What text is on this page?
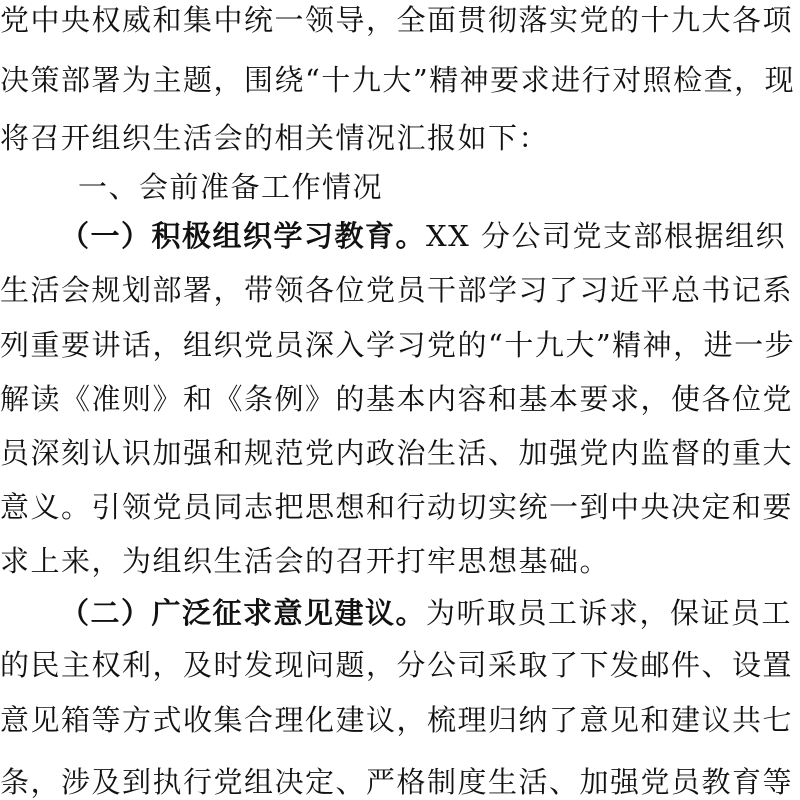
党中央权威和集中统一领导，全面贯彻落实党的十九大各项
决策部署为主题，围绕“十九大”精神要求进行对照检查，现
将召开组织生活会的相关情况汇报如下：
一、会前准备工作情况
（一）积极组织学习教育。XX 分公司党支部根据组织
生活会规划部署，带领各位党员干部学习了习近平总书记系
列重要讲话，组织党员深入学习党的“十九大”精神，进一步
解读《准则》和《条例》的基本内容和基本要求，使各位党
员深刻认识加强和规范党内政治生活、加强党内监督的重大
意义。引领党员同志把思想和行动切实统一到中央决定和要
求上来，为组织生活会的召开打牢思想基础。
（二）广泛征求意见建议。为听取员工诉求，保证员工
的民主权利，及时发现问题，分公司采取了下发邮件、设置
意见箱等方式收集合理化建议，梳理归纳了意见和建议共七
条，涉及到执行党组决定、严格制度生活、加强党员教育等
